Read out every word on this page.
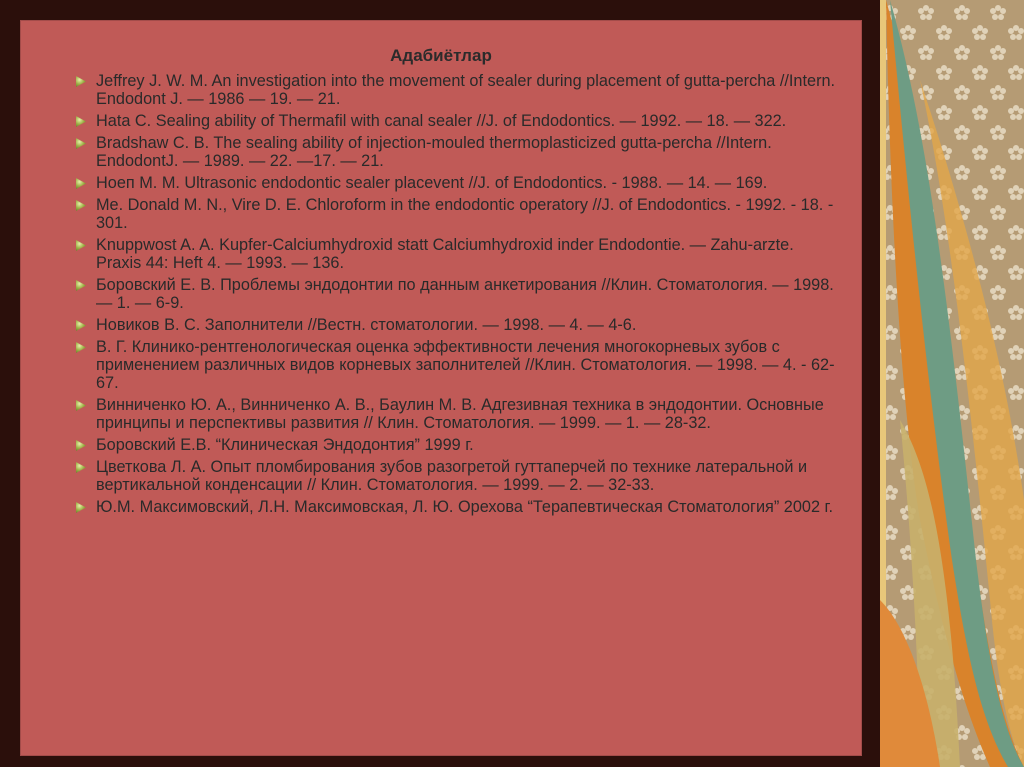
Адабиётлар
Jeffrey J. W. M. An investigation into the movement of sealer during placement of gutta-percha //Intern. Endodont J. — 1986 — 19. — 21.
Hata C. Sealing ability of Thermafil with canal sealer //J. of Endodontics. — 1992. — 18. — 322.
Bradshaw C. B. The sealing ability of injection-mouled thermoplasticized gutta-percha //Intern. EndodontJ. — 1989. — 22. —17. — 21.
Ноеп M. M. Ultrasonic endodontic sealer placevent //J. of Endodontics. - 1988. — 14. — 169.
Me. Donald M. N., Vire D. E. Chloroform in the endodontic operatory //J. of Endodontics. - 1992. - 18. - 301.
Knuppwost A. A. Kupfer-Calciumhydroxid statt Calciumhydroxid inder Endodontie. — Zahu-arzte. Praxis 44: Heft 4. — 1993. — 136.
Боровский Е. В. Проблемы эндодонтии по данным анкетирования //Клин. Стоматология. — 1998. — 1. — 6-9.
Новиков В. С. Заполнители //Вестн. стоматологии. — 1998. — 4. — 4-6.
В. Г. Клинико-рентгенологическая оценка эффективности лечения многокорневых зубов с применением различных видов корневых заполнителей //Клин. Стоматология. — 1998. — 4. - 62-67.
Винниченко Ю. А., Винниченко А. В., Баулин М. В. Адгезивная техника в эндодонтии. Основные принципы и перспективы развития // Клин. Стоматология. — 1999. — 1. — 28-32.
Боровский Е.В. “Клиническая Эндодонтия” 1999 г.
Цветкова Л. А. Опыт пломбирования зубов разогретой гуттаперчей по технике латеральной и вертикальной конденсации // Клин. Стоматология. — 1999. — 2. — 32-33.
Ю.М. Максимовский, Л.Н. Максимовская, Л. Ю. Орехова “Терапевтическая Стоматология” 2002 г.
